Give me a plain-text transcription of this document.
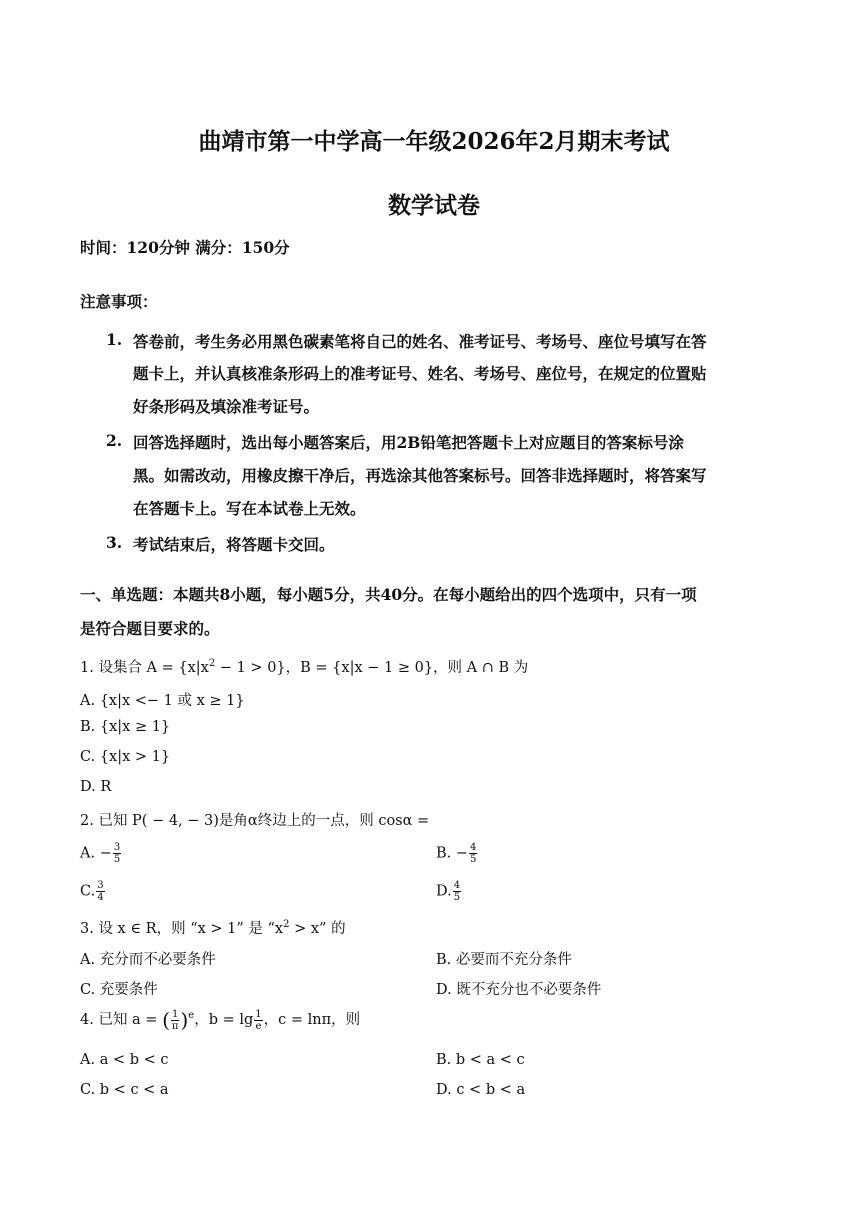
曲靖市第一中学高一年级2026年2月期末考试
数学试卷
时间：120分钟 满分：150分
注意事项：
1. 答卷前，考生务必用黑色碳素笔将自己的姓名、准考证号、考场号、座位号填写在答
题卡上，并认真核准条形码上的准考证号、姓名、考场号、座位号，在规定的位置贴
好条形码及填涂准考证号。
2. 回答选择题时，选出每小题答案后，用2B铅笔把答题卡上对应题目的答案标号涂
黑。如需改动，用橡皮擦干净后，再选涂其他答案标号。回答非选择题时，将答案写
在答题卡上。写在本试卷上无效。
3. 考试结束后，将答题卡交回。
一、单选题：本题共8小题，每小题5分，共40分。在每小题给出的四个选项中，只有一项
是符合题目要求的。
1. 设集合 $A = \{x|x^2 - 1 > 0\}$，B = {x|x − 1 ≥ 0}，则 A ∩ B 为
A. {x|x <− 1 或 x ≥ 1}
B. {x|x ≥ 1}
C. {x|x > 1}
D. R
2. 已知 P( − 4, − 3)是角α终边上的一点，则 cosα =
A. − $\frac{3}{5}$	B. − $\frac{4}{5}$
C. $\frac{3}{4}$	D. $\frac{4}{5}$
3. 设 x ∈ R，则 “x > 1” 是 “$x^2 > x$” 的
A. 充分而不必要条件	B. 必要而不充分条件
C. 充要条件	D. 既不充分也不必要条件
4. 已知 a = ( $\frac{1}{\pi} )^e$，$b = \lg \frac{1}{e}$ ，c = lnπ，则
A. a < b < c	B. b < a < c
C. b < c < a	D. c < b < a
